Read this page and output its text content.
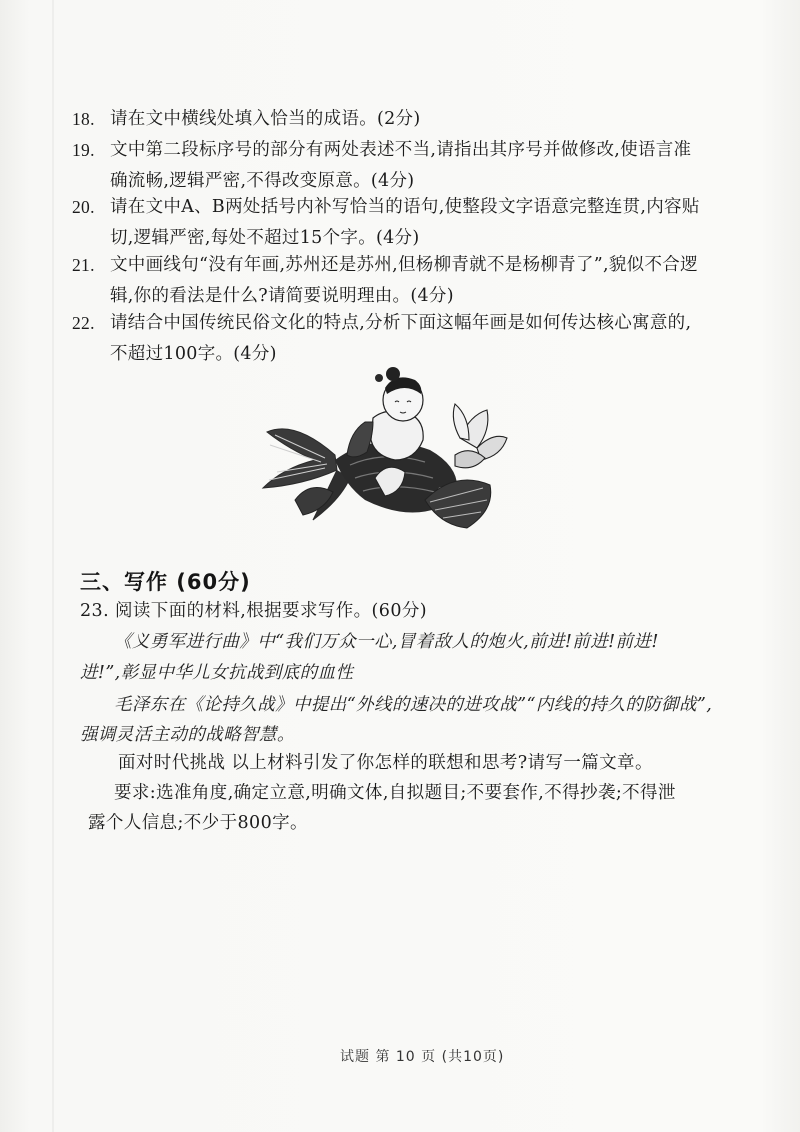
18. 请在文中横线处填入恰当的成语。(2分)
19. 文中第二段标序号的部分有两处表述不当,请指出其序号并做修改,使语言准
确流畅,逻辑严密,不得改变原意。(4分)
20. 请在文中A、B两处括号内补写恰当的语句,使整段文字语意完整连贯,内容贴
切,逻辑严密,每处不超过15个字。(4分)
21. 文中画线句“没有年画,苏州还是苏州,但杨柳青就不是杨柳青了”,貌似不合逻
辑,你的看法是什么?请简要说明理由。(4分)
22. 请结合中国传统民俗文化的特点,分析下面这幅年画是如何传达核心寓意的,
不超过100字。(4分)
三、写作 (60分)
23. 阅读下面的材料,根据要求写作。(60分)
《义勇军进行曲》中“我们万众一心,冒着敌人的炮火,前进!前进!前进!
进!”,彰显中华儿女抗战到底的血性
毛泽东在《论持久战》中提出“外线的速决的进攻战”“内线的持久的防御战”,
强调灵活主动的战略智慧。
面对时代挑战 以上材料引发了你怎样的联想和思考?请写一篇文章。
要求:选准角度,确定立意,明确文体,自拟题目;不要套作,不得抄袭;不得泄
露个人信息;不少于800字。
试题 第 10 页 (共10页)
